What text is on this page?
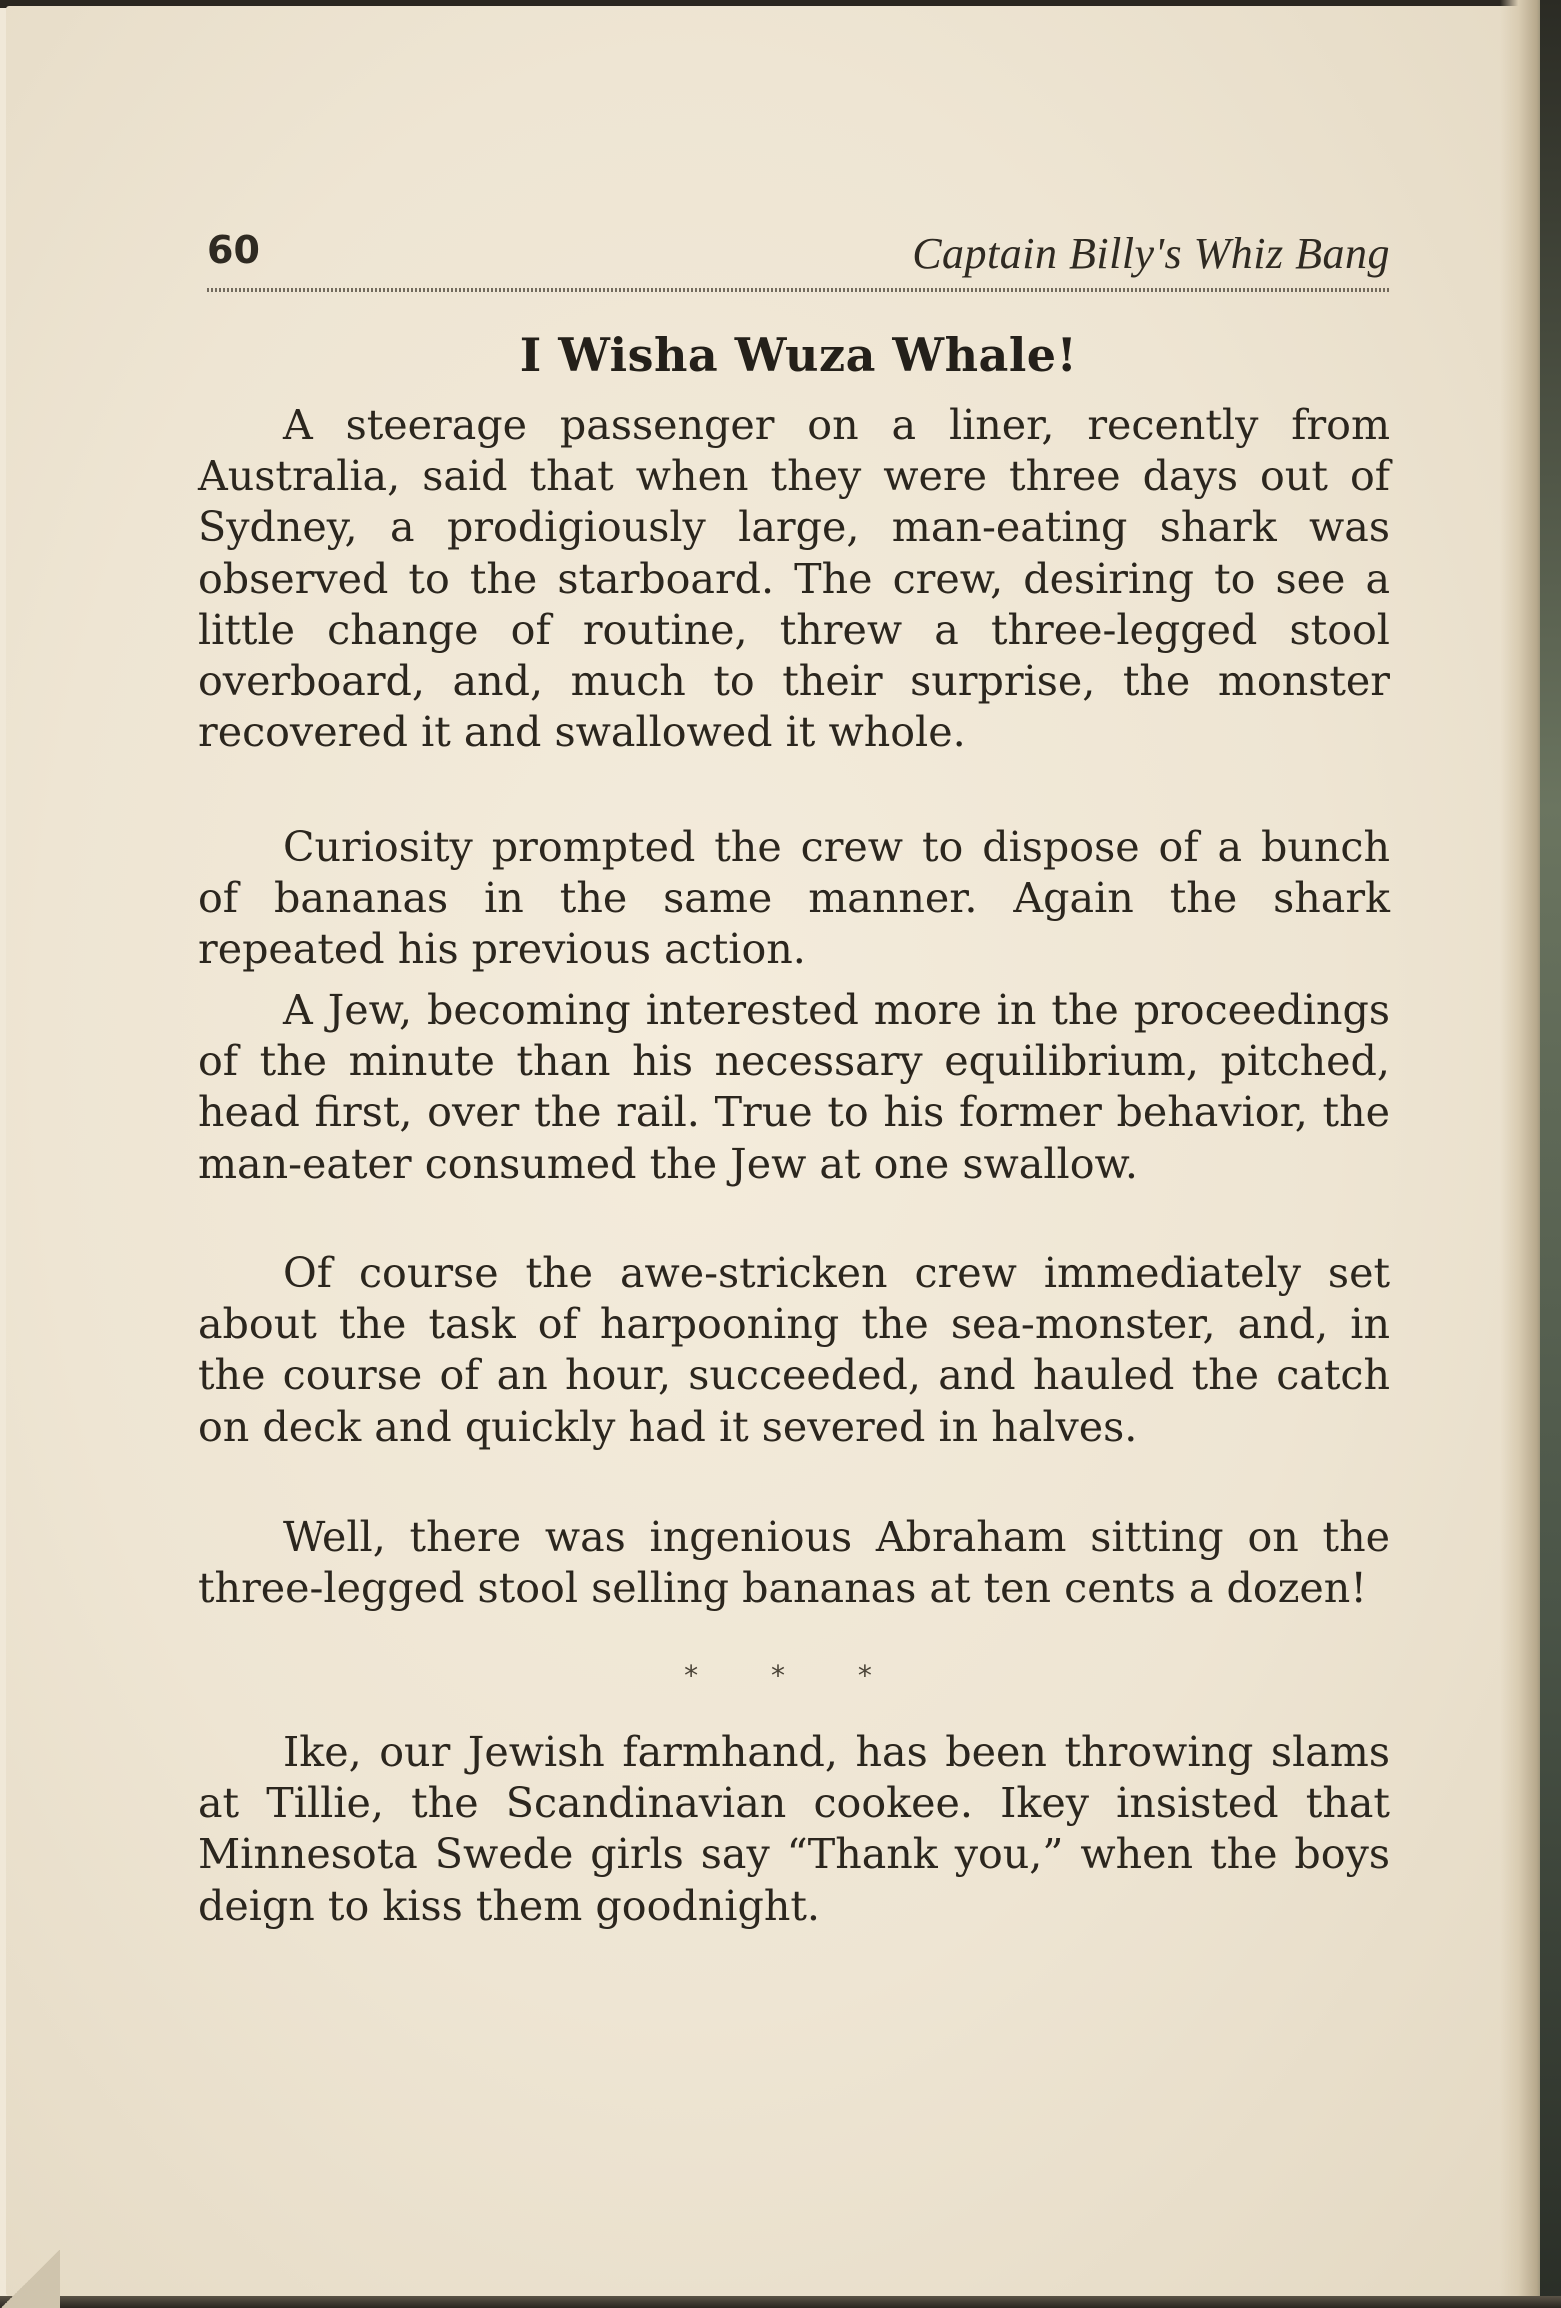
60	Captain Billy's Whiz Bang
I Wisha Wuza Whale!

A steerage passenger on a liner, recently from Australia, said that when they were three days out of Sydney, a prodigiously large, man-eating shark was observed to the starboard. The crew, desiring to see a little change of routine, threw a three-legged stool overboard, and, much to their surprise, the monster recovered it and swallowed it whole.

Curiosity prompted the crew to dispose of a bunch of bananas in the same manner. Again the shark repeated his previous action.

A Jew, becoming interested more in the proceedings of the minute than his necessary equilibrium, pitched, head first, over the rail. True to his former behavior, the man-eater consumed the Jew at one swallow.

Of course the awe-stricken crew immediately set about the task of harpooning the sea-monster, and, in the course of an hour, succeeded, and hauled the catch on deck and quickly had it severed in halves.

Well, there was ingenious Abraham sitting on the three-legged stool selling bananas at ten cents a dozen!

* * *

Ike, our Jewish farmhand, has been throwing slams at Tillie, the Scandinavian cookee. Ikey insisted that Minnesota Swede girls say “Thank you,” when the boys deign to kiss them goodnight.
